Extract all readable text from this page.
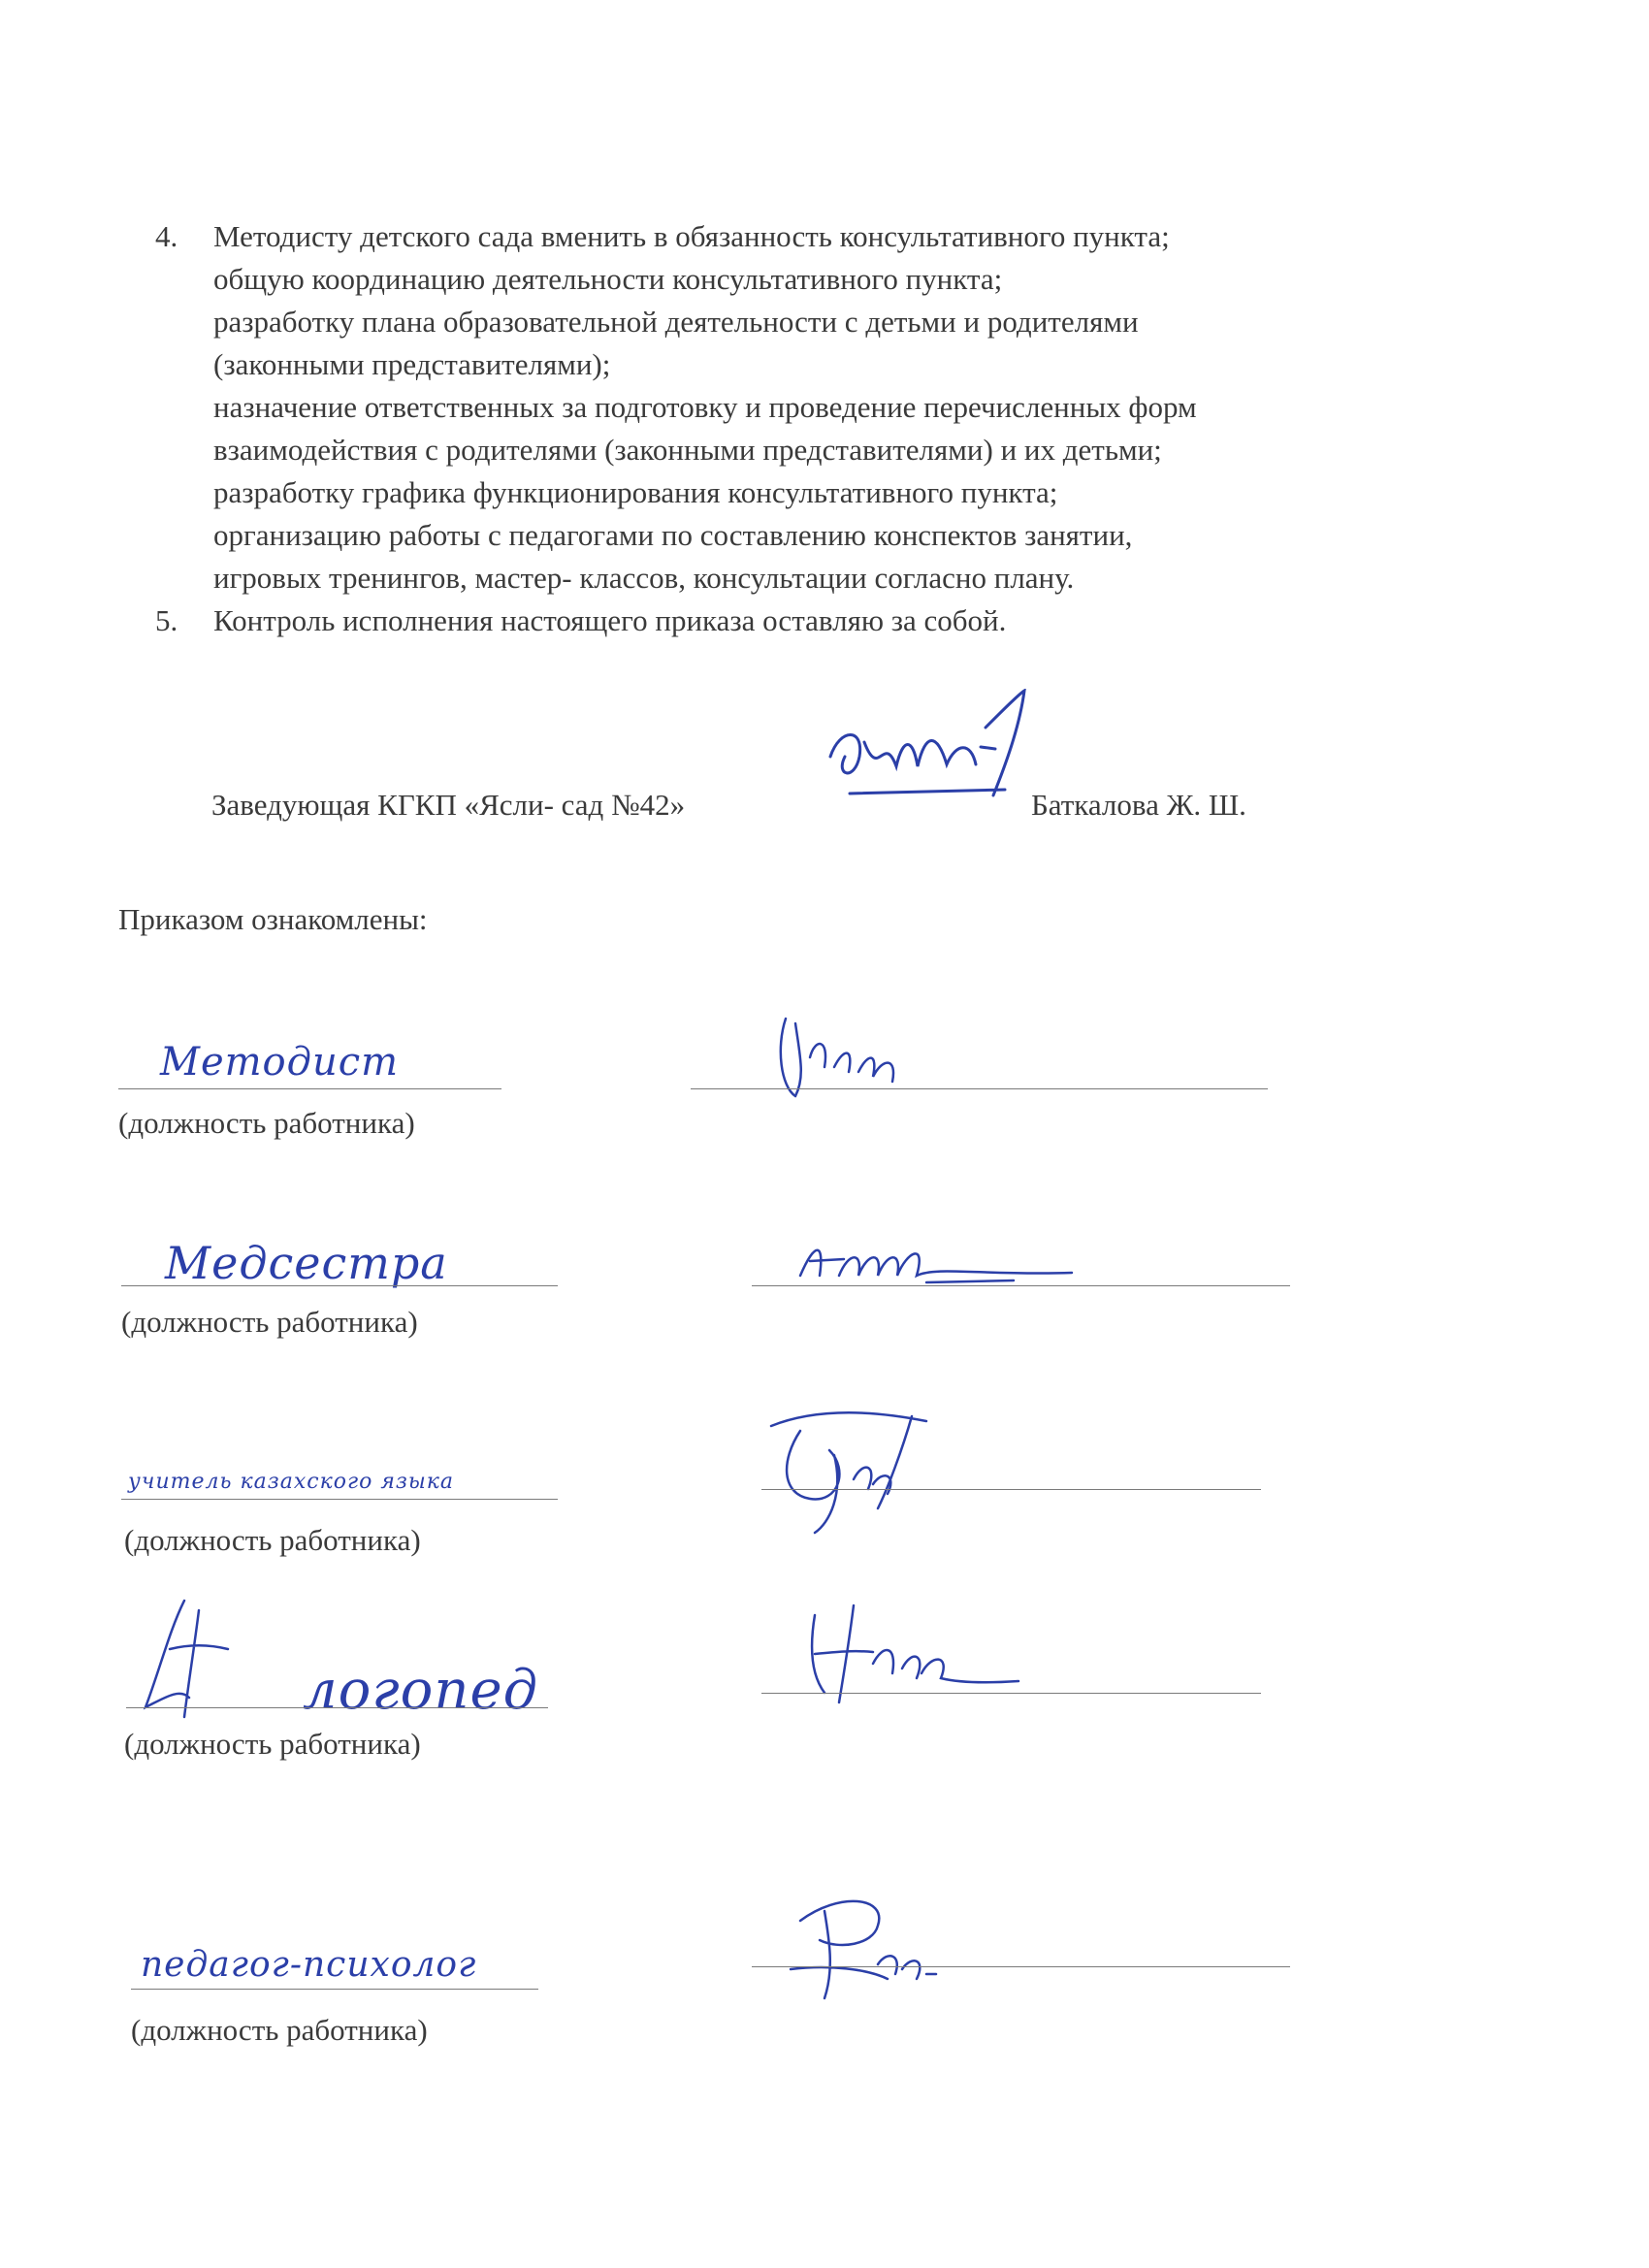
4. Методисту детского сада вменить в обязанность консультативного пункта;
общую координацию деятельности консультативного пункта;
разработку плана образовательной деятельности с детьми и родителями
(законными представителями);
назначение ответственных за подготовку и проведение перечисленных форм
взаимодействия с родителями (законными представителями) и их детьми;
разработку графика функционирования консультативного пункта;
организацию работы с педагогами по составлению конспектов занятии,
игровых тренингов, мастер- классов, консультации согласно плану.
5. Контроль исполнения настоящего приказа оставляю за собой.
Заведующая КГКП «Ясли- сад №42»	Баткалова Ж. Ш.
Приказом ознакомлены:
Методист
(должность работника)
Медсестра
(должность работника)
учитель казахского языка
(должность работника)
логопед
(должность работника)
педагог-психолог
(должность работника)
